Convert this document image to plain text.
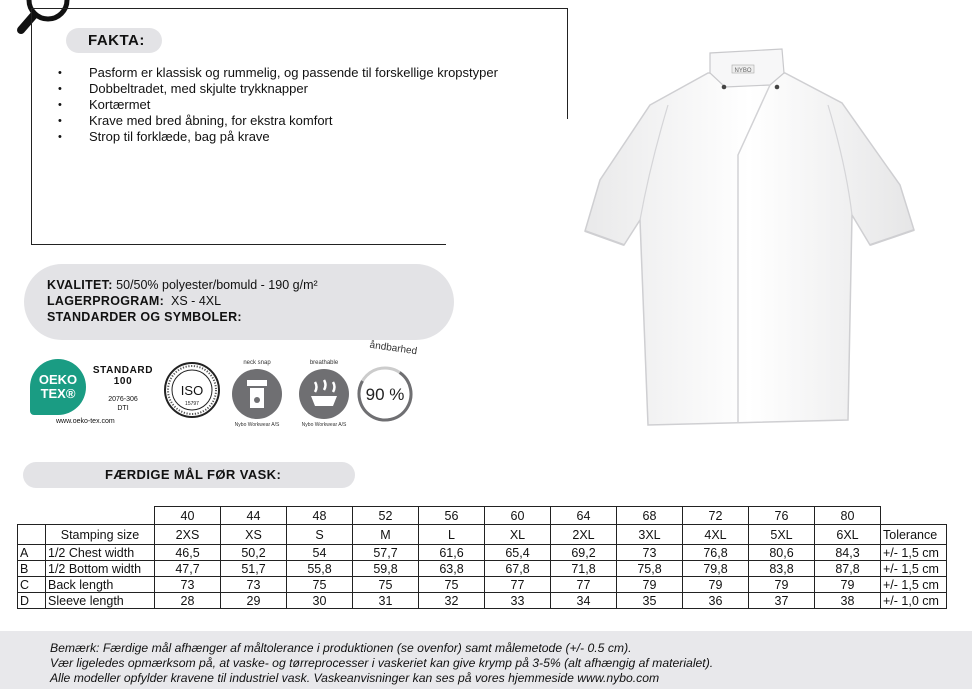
FAKTA:
• Pasform er klassisk og rummelig, og passende til forskellige kropstyper
• Dobbeltradet, med skjulte trykknapper
• Kortærmet
• Krave med bred åbning, for ekstra komfort
• Strop til forklæde, bag på krave
KVALITET: 50/50% polyester/bomuld - 190 g/m²
LAGERPROGRAM:  XS - 4XL
STANDARDER OG SYMBOLER:
OEKO
TEX®
STANDARD
100
2076-306
DTI
www.oeko-tex.com
ISO
15797
neck snap
Nybo Workwear A/S
breathable
Nybo Workwear A/S
åndbarhed
90 %
NYBO
FÆRDIGE MÅL FØR VASK:
		40	44	48	52	56	60	64	68	72	76	80	
	Stamping size	2XS	XS	S	M	L	XL	2XL	3XL	4XL	5XL	6XL	Tolerance
A	1/2 Chest width	46,5	50,2	54	57,7	61,6	65,4	69,2	73	76,8	80,6	84,3	+/- 1,5 cm
B	1/2 Bottom width	47,7	51,7	55,8	59,8	63,8	67,8	71,8	75,8	79,8	83,8	87,8	+/- 1,5 cm
C	Back length	73	73	75	75	75	77	77	79	79	79	79	+/- 1,5 cm
D	Sleeve length	28	29	30	31	32	33	34	35	36	37	38	+/- 1,0 cm
Bemærk: Færdige mål afhænger af måltolerance i produktionen (se ovenfor) samt målemetode (+/- 0.5 cm).
Vær ligeledes opmærksom på, at vaske- og tørreprocesser i vaskeriet kan give krymp på 3-5% (alt afhængig af materialet).
Alle modeller opfylder kravene til industriel vask. Vaskeanvisninger kan ses på vores hjemmeside www.nybo.com
